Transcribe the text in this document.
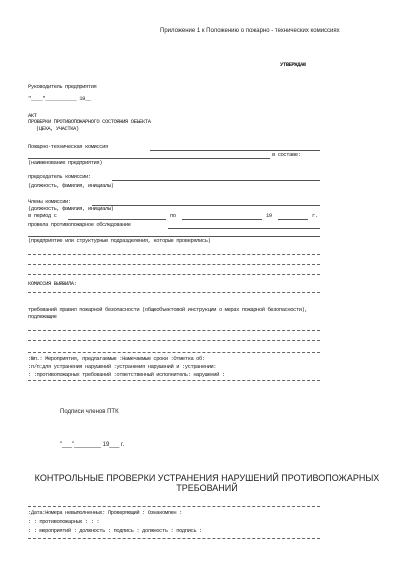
Приложение 1 к Положению о пожарно - технических комиссиях
УТВЕРЖДАЮ
Руководитель предприятия
"____"___________ 19__
АКТ
ПРОВЕРКИ ПРОТИВОПОЖАРНОГО СОСТОЯНИЯ ОБЪЕКТА
(ЦЕХА, УЧАСТКА)
Пожарно-техническая комиссия
в составе:
(наименование предприятия)
председатель комиссии:
(должность, фамилия, инициалы)
Члены комиссии:
(должность, фамилия, инициалы)
в период с	по	19	г.
провела противопожарное обследование
(предприятие или структурные подразделения, которые проверялись)
КОМИССИЯ ВЫЯВИЛА:
требований правил пожарной безопасности (общеобъектовой инструкции о мерах пожарной безопасности), подлежащие
:№п.: Мероприятия, предлагаемые :Намечаемые сроки :Отметка об:
:п/п:для устранения нарушений :устранения нарушений и :устранении:
: :противопожарных требований :ответственный исполнитель: нарушений :
Подписи членов ПТК
"___"________ 19___ г.
КОНТРОЛЬНЫЕ ПРОВЕРКИ УСТРАНЕНИЯ НАРУШЕНИЙ ПРОТИВОПОЖАРНЫХ
ТРЕБОВАНИЙ
:Дата:Номера невыполненных: Проверяющий : Ознакомлен :
: : противопожарных : : :
: : мероприятий : должность : подпись : должность : подпись :
